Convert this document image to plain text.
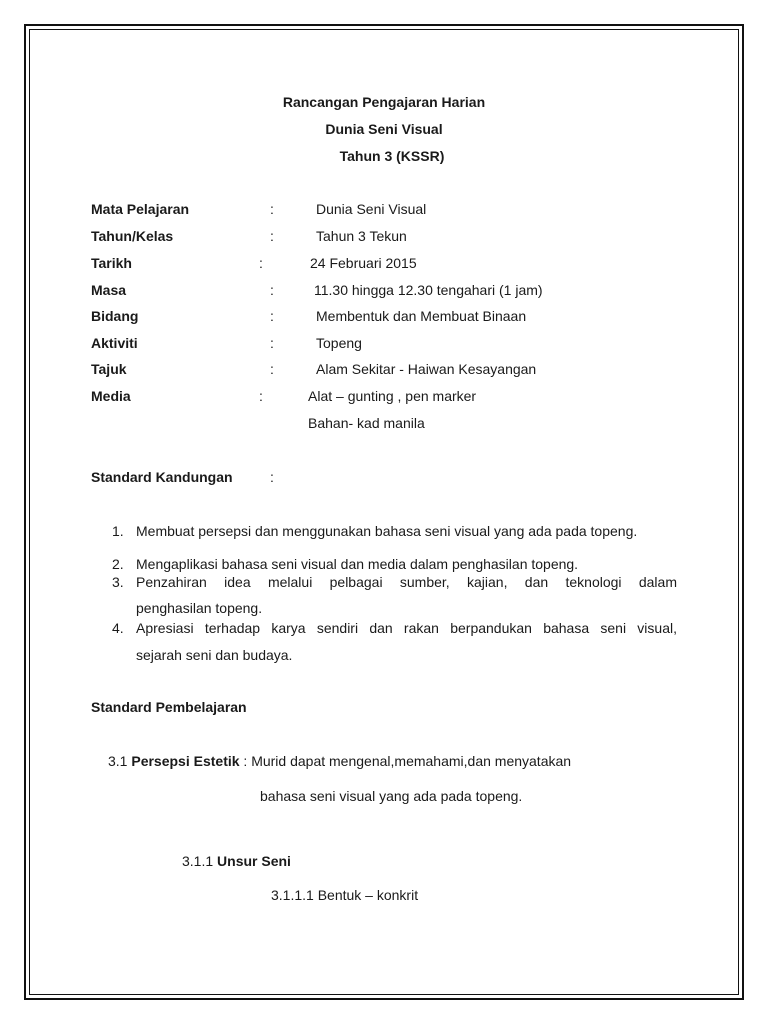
Rancangan Pengajaran Harian
Dunia Seni Visual
Tahun 3 (KSSR)
Mata Pelajaran	:	Dunia Seni Visual
Tahun/Kelas	:	Tahun 3 Tekun
Tarikh	:	24 Februari 2015
Masa	:	11.30 hingga 12.30 tengahari (1 jam)
Bidang	:	Membentuk dan Membuat Binaan
Aktiviti	:	Topeng
Tajuk	:	Alam Sekitar - Haiwan Kesayangan
Media	:	Alat – gunting , pen marker
Bahan- kad manila
Standard Kandungan	:
1. Membuat persepsi dan menggunakan bahasa seni visual yang ada pada topeng.
2. Mengaplikasi bahasa seni visual dan media dalam penghasilan topeng.
3. Penzahiran idea melalui pelbagai sumber, kajian, dan teknologi dalam
penghasilan topeng.
4. Apresiasi terhadap karya sendiri dan rakan berpandukan bahasa seni visual,
sejarah seni dan budaya.
Standard Pembelajaran
3.1 Persepsi Estetik : Murid dapat mengenal,memahami,dan menyatakan
bahasa seni visual yang ada pada topeng.
3.1.1 Unsur Seni
3.1.1.1 Bentuk – konkrit
